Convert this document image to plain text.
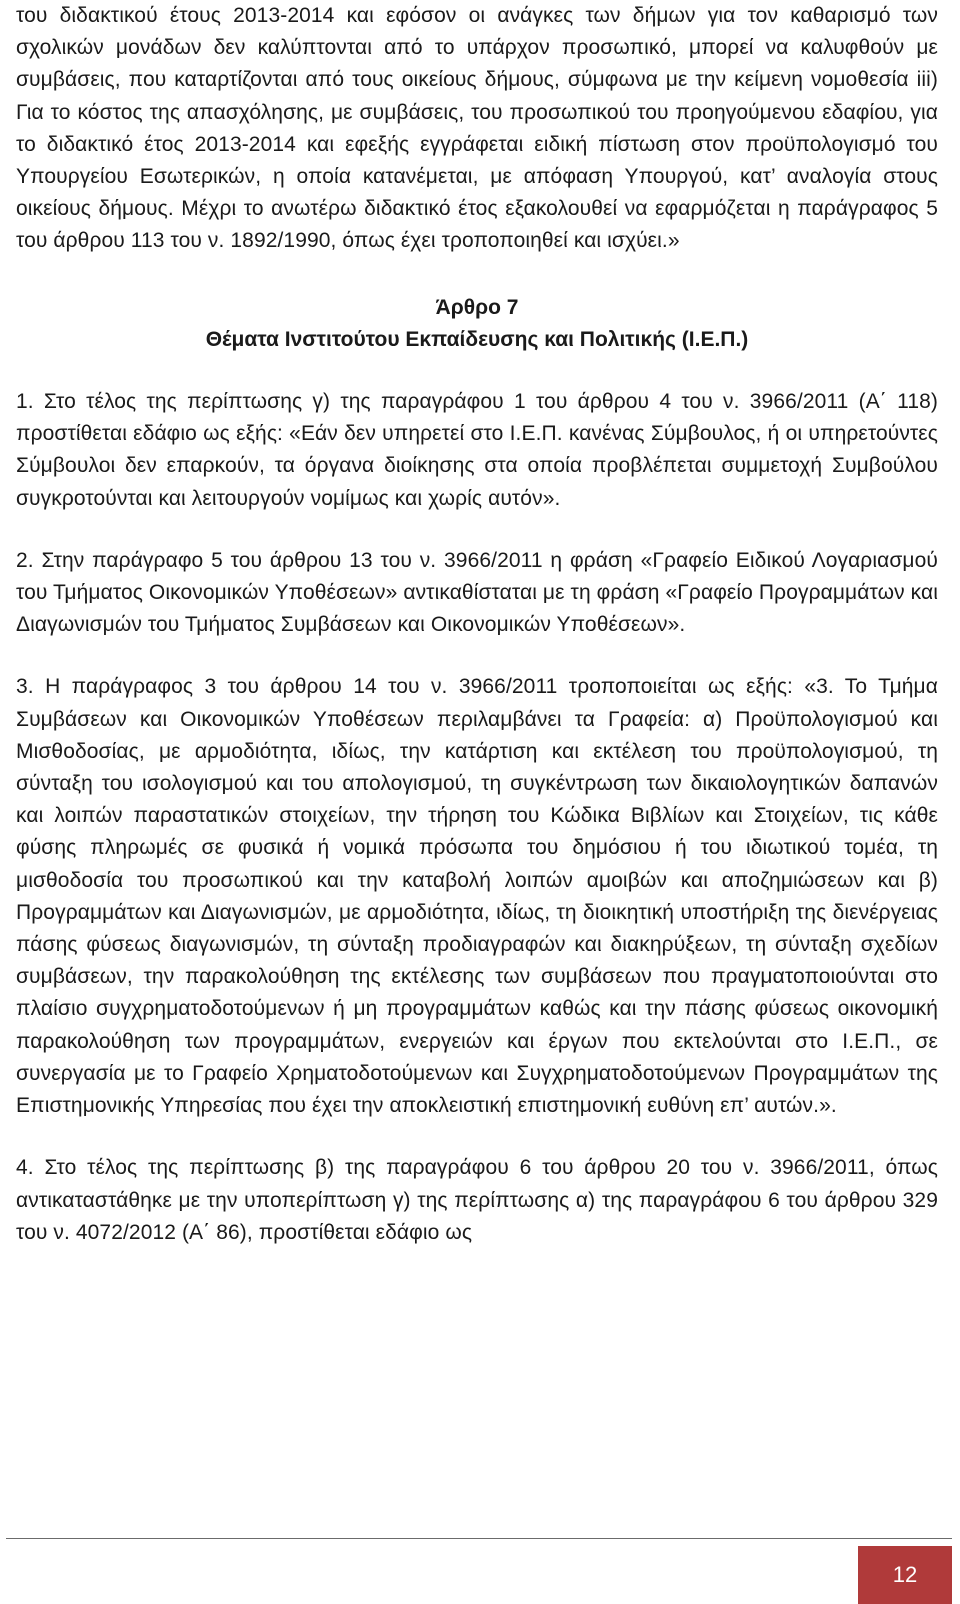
του διδακτικού έτους 2013-2014 και εφόσον οι ανάγκες των δήμων για τον καθαρισμό των σχολικών μονάδων δεν καλύπτονται από το υπάρχον προσωπικό, μπορεί να καλυφθούν με συμβάσεις, που καταρτίζονται από τους οικείους δήμους, σύμφωνα με την κείμενη νομοθεσία iii) Για το κόστος της απασχόλησης, με συμβάσεις, του προσωπικού του προηγούμενου εδαφίου, για το διδακτικό έτος 2013-2014 και εφεξής εγγράφεται ειδική πίστωση στον προϋπολογισμό του Υπουργείου Εσωτερικών, η οποία κατανέμεται, με απόφαση Υπουργού, κατ’ αναλογία στους οικείους δήμους. Μέχρι το ανωτέρω διδακτικό έτος εξακολουθεί να εφαρμόζεται η παράγραφος 5 του άρθρου 113 του ν. 1892/1990, όπως έχει τροποποιηθεί και ισχύει.»

Άρθρο 7

Θέματα Ινστιτούτου Εκπαίδευσης και Πολιτικής (Ι.Ε.Π.)

1. Στο τέλος της περίπτωσης γ) της παραγράφου 1 του άρθρου 4 του ν. 3966/2011 (Α΄ 118) προστίθεται εδάφιο ως εξής: «Εάν δεν υπηρετεί στο Ι.Ε.Π. κανένας Σύμβουλος, ή οι υπηρετούντες Σύμβουλοι δεν επαρκούν, τα όργανα διοίκησης στα οποία προβλέπεται συμμετοχή Συμβούλου συγκροτούνται και λειτουργούν νομίμως και χωρίς αυτόν».

2. Στην παράγραφο 5 του άρθρου 13 του ν. 3966/2011 η φράση «Γραφείο Ειδικού Λογαριασμού του Τμήματος Οικονομικών Υποθέσεων» αντικαθίσταται με τη φράση «Γραφείο Προγραμμάτων και Διαγωνισμών του Τμήματος Συμβάσεων και Οικονομικών Υποθέσεων».

3. Η παράγραφος 3 του άρθρου 14 του ν. 3966/2011 τροποποιείται ως εξής: «3. Το Τμήμα Συμβάσεων και Οικονομικών Υποθέσεων περιλαμβάνει τα Γραφεία: α) Προϋπολογισμού και Μισθοδοσίας, με αρμοδιότητα, ιδίως, την κατάρτιση και εκτέλεση του προϋπολογισμού, τη σύνταξη του ισολογισμού και του απολογισμού, τη συγκέντρωση των δικαιολογητικών δαπανών και λοιπών παραστατικών στοιχείων, την τήρηση του Κώδικα Βιβλίων και Στοιχείων, τις κάθε φύσης πληρωμές σε φυσικά ή νομικά πρόσωπα του δημόσιου ή του ιδιωτικού τομέα, τη μισθοδοσία του προσωπικού και την καταβολή λοιπών αμοιβών και αποζημιώσεων και β) Προγραμμάτων και Διαγωνισμών, με αρμοδιότητα, ιδίως, τη διοικητική υποστήριξη της διενέργειας πάσης φύσεως διαγωνισμών, τη σύνταξη προδιαγραφών και διακηρύξεων, τη σύνταξη σχεδίων συμβάσεων, την παρακολούθηση της εκτέλεσης των συμβάσεων που πραγματοποιούνται στο πλαίσιο συγχρηματοδοτούμενων ή μη προγραμμάτων καθώς και την πάσης φύσεως οικονομική παρακολούθηση των προγραμμάτων, ενεργειών και έργων που εκτελούνται στο Ι.Ε.Π., σε συνεργασία με το Γραφείο Χρηματοδοτούμενων και Συγχρηματοδοτούμενων Προγραμμάτων της Επιστημονικής Υπηρεσίας που έχει την αποκλειστική επιστημονική ευθύνη επ’ αυτών.».

4. Στο τέλος της περίπτωσης β) της παραγράφου 6 του άρθρου 20 του ν. 3966/2011, όπως αντικαταστάθηκε με την υποπερίπτωση γ) της περίπτωσης α) της παραγράφου 6 του άρθρου 329 του ν. 4072/2012 (Α΄ 86), προστίθεται εδάφιο ως

12
